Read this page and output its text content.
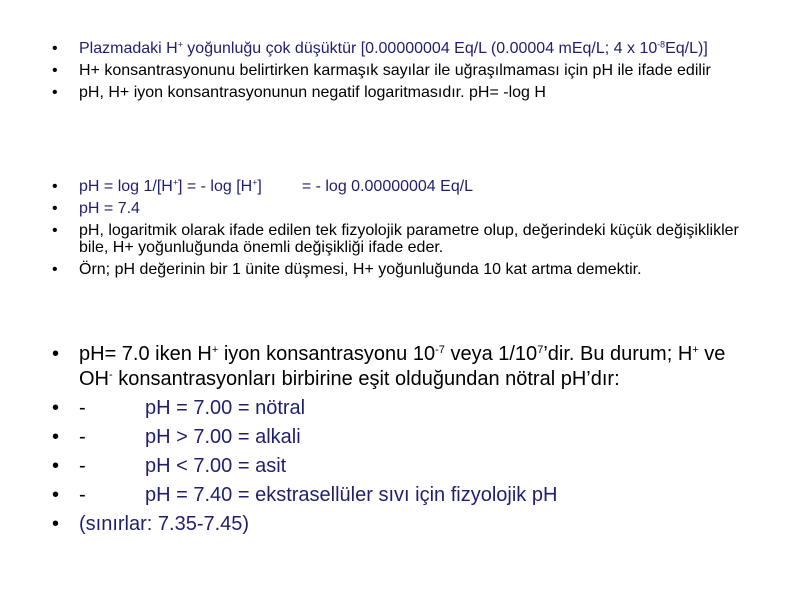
• Plazmadaki H+ yoğunluğu çok düşüktür [0.00000004 Eq/L (0.00004 mEq/L; 4 x $10^{-8}Eq/L$)]
• H+ konsantrasyonunu belirtirken karmaşık sayılar ile uğraşılmaması için pH ile ifade edilir
• pH, H+ iyon konsantrasyonunun negatif logaritmasıdır. pH= -log H
• pH = log 1/[H+] = - log [H+]	= - log 0.00000004 Eq/L
• pH = 7.4
• pH, logaritmik olarak ifade edilen tek fizyolojik parametre olup, değerindeki küçük değişiklikler bile, H+ yoğunluğunda önemli değişikliği ifade eder.
• Örn; pH değerinin bir 1 ünite düşmesi, H+ yoğunluğunda 10 kat artma demektir.
• pH= 7.0 iken H+ iyon konsantrasyonu $10^{-7}$ veya $1/10^7’dir$. Bu durum; H+ ve OH- konsantrasyonları birbirine eşit olduğundan nötral pH’dır:
• -	pH = 7.00 = nötral
• -	pH > 7.00 = alkali
• -	pH < 7.00 = asit
• -	pH = 7.40 = ekstrasellüler sıvı için fizyolojik pH
• (sınırlar: 7.35-7.45)
